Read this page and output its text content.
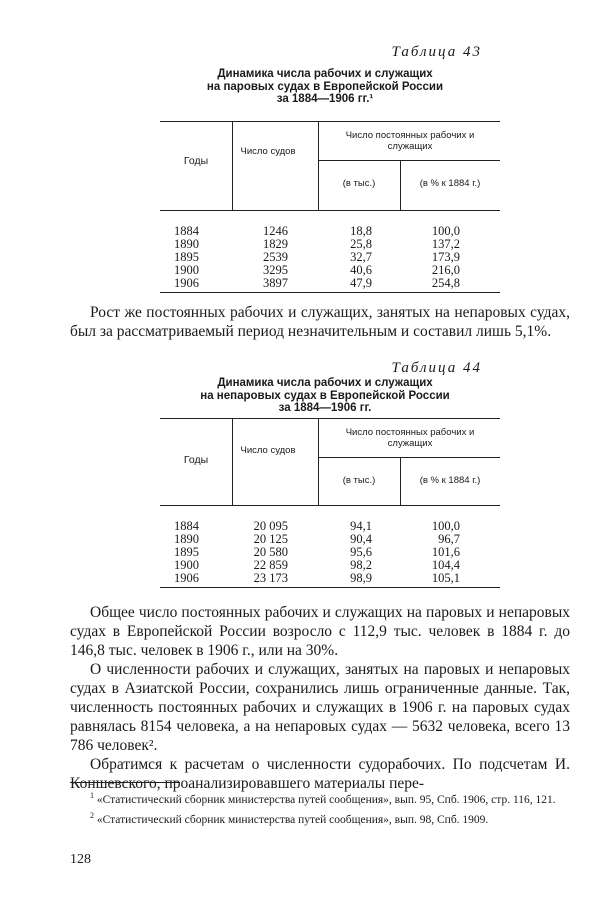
Таблица 43
Динамика числа рабочих и служащих
на паровых судах в Европейской России
за 1884—1906 гг.¹
Годы
Число судов
Число постоянных рабочих и служащих
(в тыс.)	(в % к 1884 г.)
1884	1246	18,8	100,0
1890	1829	25,8	137,2
1895	2539	32,7	173,9
1900	3295	40,6	216,0
1906	3897	47,9	254,8

Рост же постоянных рабочих и служащих, занятых на непаровых судах, был за рассматриваемый период незначительным и составил лишь 5,1%.

Таблица 44
Динамика числа рабочих и служащих
на непаровых судах в Европейской России
за 1884—1906 гг.
Годы
Число судов
Число постоянных рабочих и служащих
(в тыс.)	(в % к 1884 г.)
1884	20 095	94,1	100,0
1890	20 125	90,4	96,7
1895	20 580	95,6	101,6
1900	22 859	98,2	104,4
1906	23 173	98,9	105,1

Общее число постоянных рабочих и служащих на паровых и непаровых судах в Европейской России возросло с 112,9 тыс. человек в 1884 г. до 146,8 тыс. человек в 1906 г., или на 30%.

О численности рабочих и служащих, занятых на паровых и непаровых судах в Азиатской России, сохранились лишь ограниченные данные. Так, численность постоянных рабочих и служащих в 1906 г. на паровых судах равнялась 8154 человека, а на непаровых судах — 5632 человека, всего 13 786 человек².

Обратимся к расчетам о численности судорабочих. По подсчетам И. Коншевского, проанализировавшего материалы пере-

$^1$ «Статистический сборник министерства путей сообщения», вып. 95, Спб. 1906, стр. 116, 121.

$^2$ «Статистический сборник министерства путей сообщения», вып. 98, Спб. 1909.

128
